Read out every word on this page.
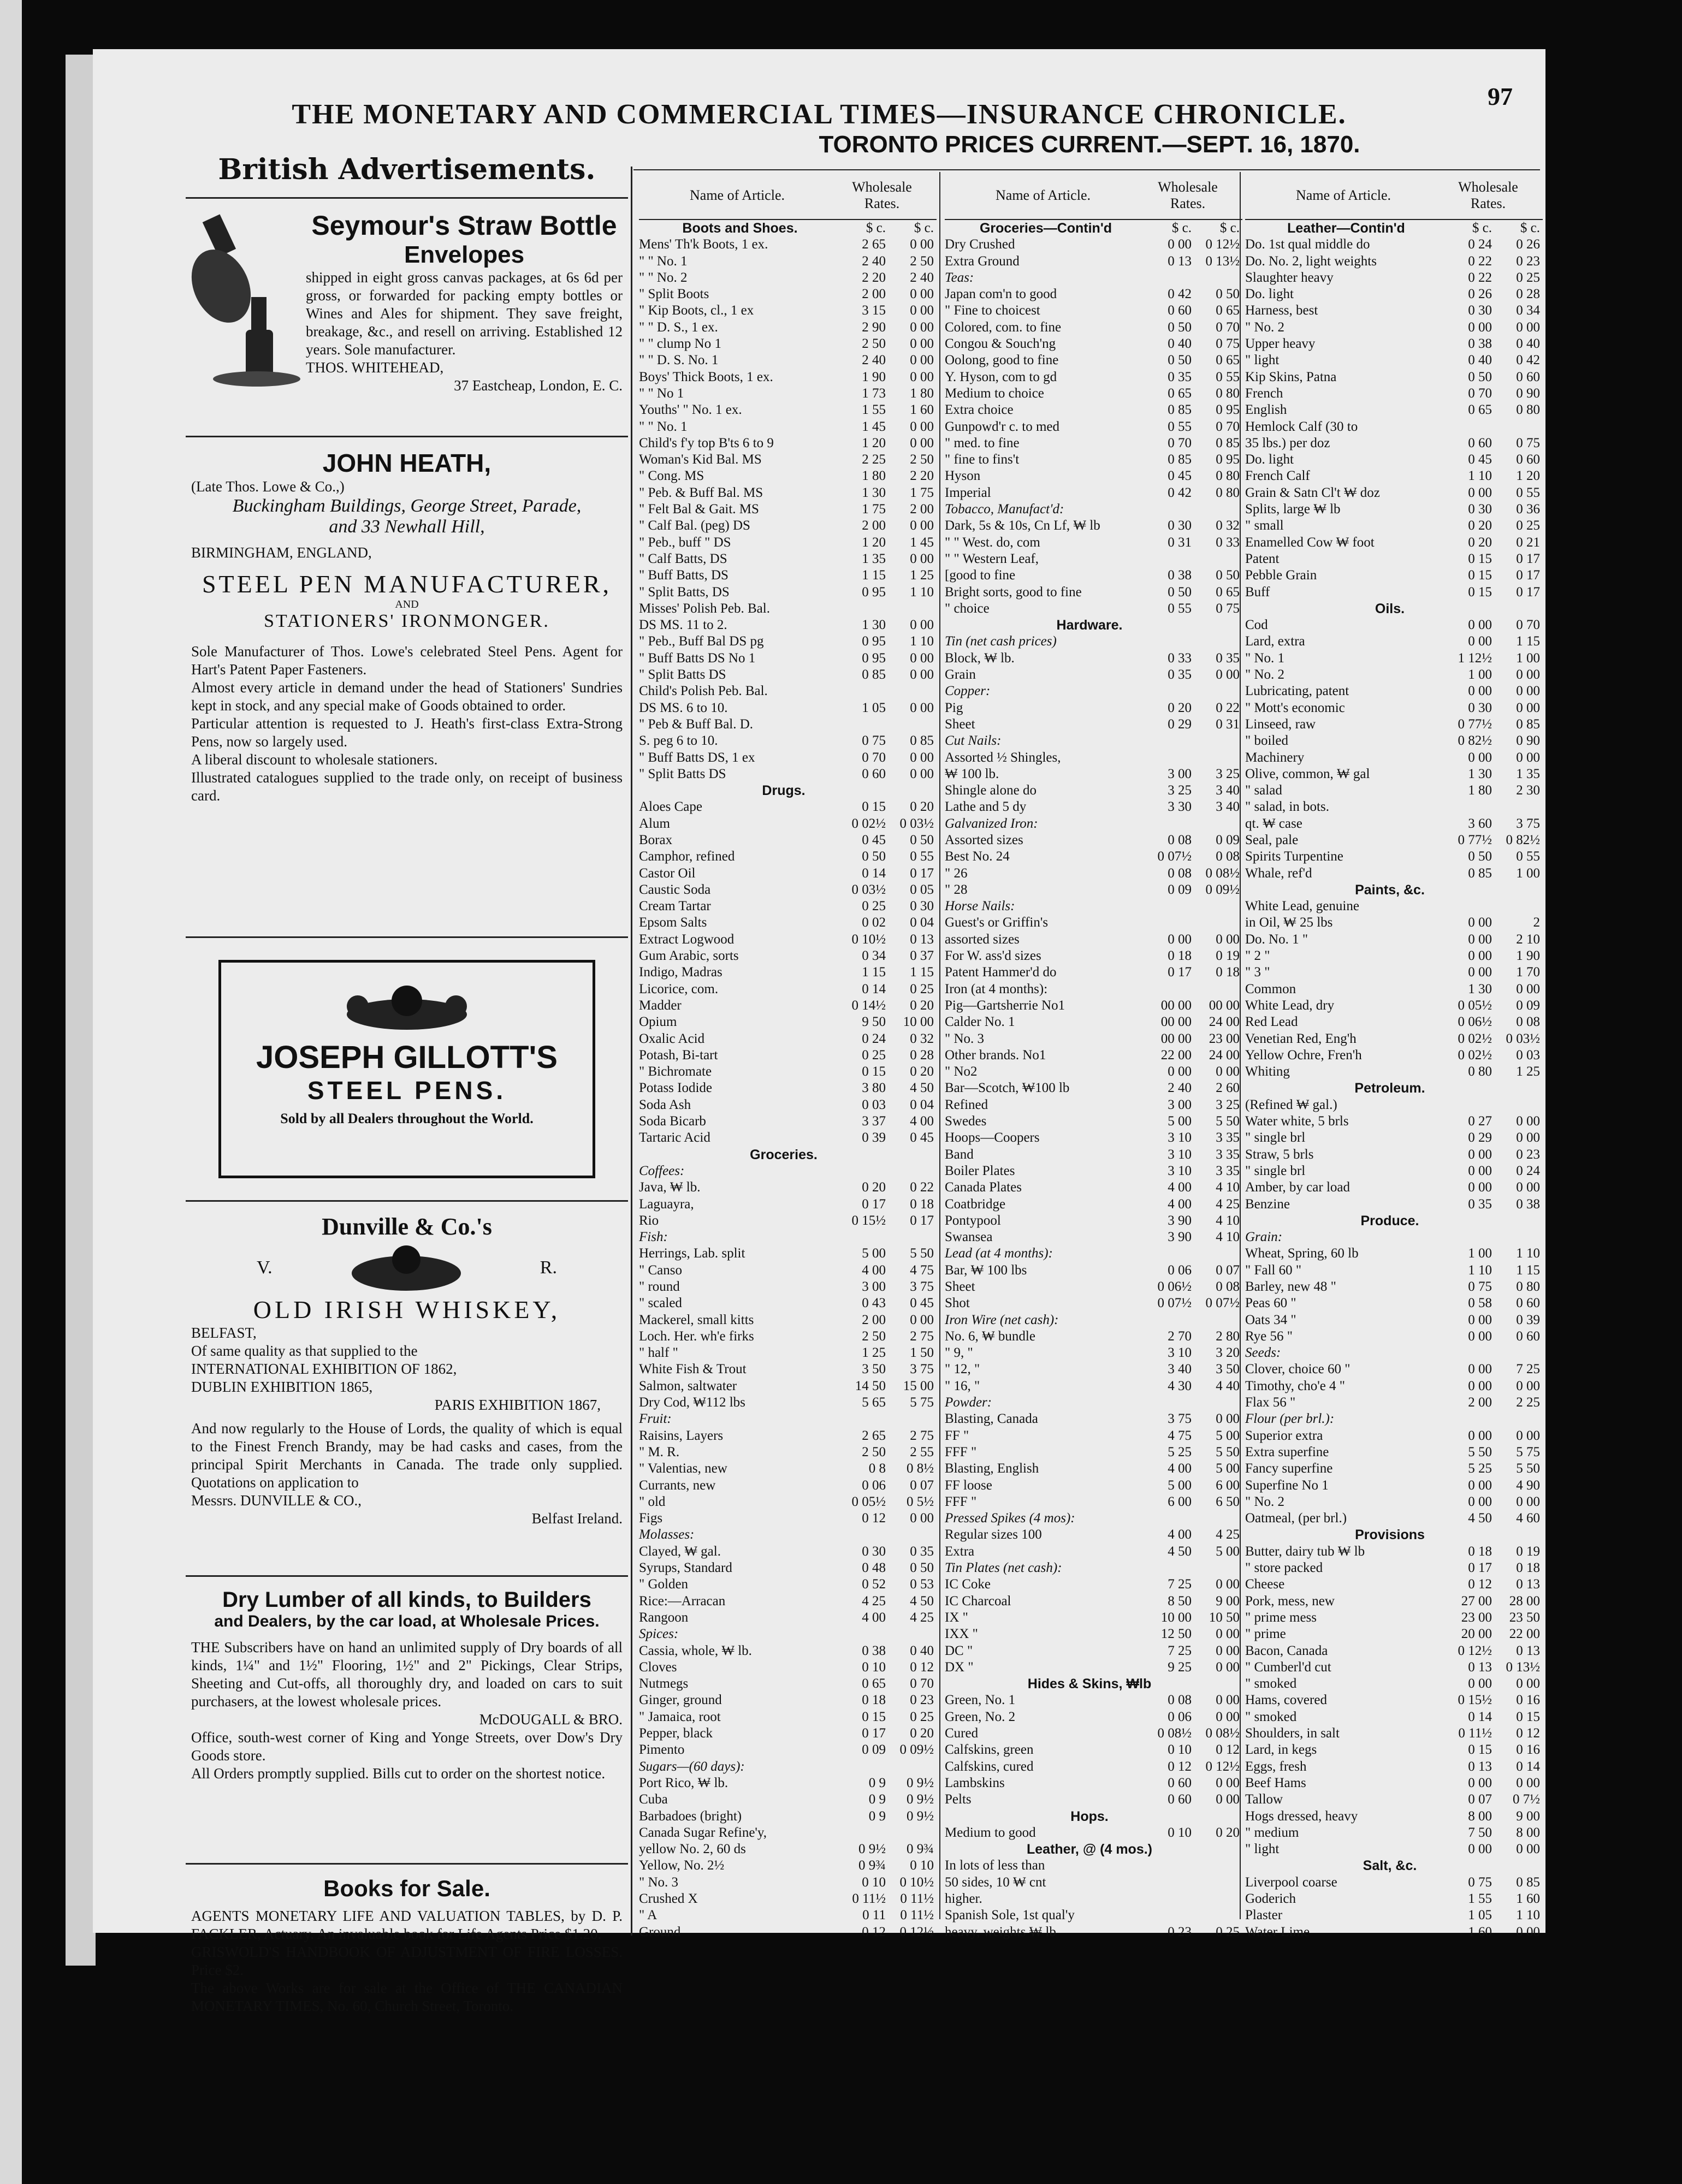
THE MONETARY AND COMMERCIAL TIMES—INSURANCE CHRONICLE.
97
British Advertisements.
Seymour's Straw Bottle
Envelopes
shipped in eight gross canvas packages, at 6s 6d per gross, or forwarded for packing empty bottles or Wines and Ales for shipment. They save freight, breakage, &c., and resell on arriving. Established 12 years. Sole manufacturer.
THOS. WHITEHEAD,
37 Eastcheap, London, E. C.
JOHN HEATH,
(Late Thos. Lowe & Co.,)
Buckingham Buildings, George Street, Parade,
and 33 Newhall Hill,
BIRMINGHAM, ENGLAND,
STEEL PEN MANUFACTURER,
AND
STATIONERS' IRONMONGER.
Sole Manufacturer of Thos. Lowe's celebrated Steel Pens. Agent for Hart's Patent Paper Fasteners.
Almost every article in demand under the head of Stationers' Sundries kept in stock, and any special make of Goods obtained to order.
Particular attention is requested to J. Heath's first-class Extra-Strong Pens, now so largely used.
A liberal discount to wholesale stationers.
Illustrated catalogues supplied to the trade only, on receipt of business card.
JOSEPH GILLOTT'S
STEEL PENS.
Sold by all Dealers throughout the World.
Dunville & Co.'s
V.	R.
OLD IRISH WHISKEY,
BELFAST,
Of same quality as that supplied to the
INTERNATIONAL EXHIBITION OF 1862,
DUBLIN EXHIBITION 1865,
PARIS EXHIBITION 1867,
And now regularly to the House of Lords, the quality of which is equal to the Finest French Brandy, may be had casks and cases, from the principal Spirit Merchants in Canada. The trade only supplied. Quotations on application to
Messrs. DUNVILLE & CO.,
Belfast Ireland.
Dry Lumber of all kinds, to Builders
and Dealers, by the car load, at Wholesale Prices.
THE Subscribers have on hand an unlimited supply of Dry boards of all kinds, 1¼" and 1½" Flooring, 1½" and 2" Pickings, Clear Strips, Sheeting and Cut-offs, all thoroughly dry, and loaded on cars to suit purchasers, at the lowest wholesale prices.
McDOUGALL & BRO.
Office, south-west corner of King and Yonge Streets, over Dow's Dry Goods store.
All Orders promptly supplied. Bills cut to order on the shortest notice.
Books for Sale.
AGENTS MONETARY LIFE AND VALUATION TABLES, by D. P. FACKLER, Actuary. An invaluable book for Life Agents Price $1.20.
GRISWOLD'S HANDBOOK OF ADJUSTMENT OF FIRE LOSSES. Price $2.
The above Works are for sale at the Office of THE CANADIAN MONETARY TIMES, No. 60, Church Street, Toronto.
TORONTO PRICES CURRENT.—SEPT. 16, 1870.
Name of Article.
Wholesale Rates.
Boots and Shoes.	$ c.	$ c.
Mens' Th'k Boots, 1 ex.	2 65	0 00
" " No. 1	2 40	2 50
" " No. 2	2 20	2 40
" Split Boots	2 00	0 00
" Kip Boots, cl., 1 ex	3 15	0 00
" " D. S., 1 ex.	2 90	0 00
" " clump No 1	2 50	0 00
" " D. S. No. 1	2 40	0 00
Boys' Thick Boots, 1 ex.	1 90	0 00
" " No 1	1 73	1 80
Youths' " No. 1 ex.	1 55	1 60
" " No. 1	1 45	0 00
Child's f'y top B'ts 6 to 9	1 20	0 00
Woman's Kid Bal. MS	2 25	2 50
" Cong. MS	1 80	2 20
" Peb. & Buff Bal. MS	1 30	1 75
" Felt Bal & Gait. MS	1 75	2 00
" Calf Bal. (peg) DS	2 00	0 00
" Peb., buff " DS	1 20	1 45
" Calf Batts, DS	1 35	0 00
" Buff Batts, DS	1 15	1 25
" Split Batts, DS	0 95	1 10
Misses' Polish Peb. Bal.
DS MS. 11 to 2.	1 30	0 00
" Peb., Buff Bal DS pg	0 95	1 10
" Buff Batts DS No 1	0 95	0 00
" Split Batts DS	0 85	0 00
Child's Polish Peb. Bal.
DS MS. 6 to 10.	1 05	0 00
" Peb & Buff Bal. D.
S. peg 6 to 10.	0 75	0 85
" Buff Batts DS, 1 ex	0 70	0 00
" Split Batts DS	0 60	0 00
Drugs.
Aloes Cape	0 15	0 20
Alum	0 02½	0 03½
Borax	0 45	0 50
Camphor, refined	0 50	0 55
Castor Oil	0 14	0 17
Caustic Soda	0 03½	0 05
Cream Tartar	0 25	0 30
Epsom Salts	0 02	0 04
Extract Logwood	0 10½	0 13
Gum Arabic, sorts	0 34	0 37
Indigo, Madras	1 15	1 15
Licorice, com.	0 14	0 25
Madder	0 14½	0 20
Opium	9 50	10 00
Oxalic Acid	0 24	0 32
Potash, Bi-tart	0 25	0 28
" Bichromate	0 15	0 20
Potass Iodide	3 80	4 50
Soda Ash	0 03	0 04
Soda Bicarb	3 37	4 00
Tartaric Acid	0 39	0 45
Groceries.
Coffees:
Java, ₩ lb.	0 20	0 22
Laguayra,	0 17	0 18
Rio	0 15½	0 17
Fish:
Herrings, Lab. split	5 00	5 50
" Canso	4 00	4 75
" round	3 00	3 75
" scaled	0 43	0 45
Mackerel, small kitts	2 00	0 00
Loch. Her. wh'e firks	2 50	2 75
" half "	1 25	1 50
White Fish & Trout	3 50	3 75
Salmon, saltwater	14 50	15 00
Dry Cod, ₩112 lbs	5 65	5 75
Fruit:
Raisins, Layers	2 65	2 75
" M. R.	2 50	2 55
" Valentias, new	0 8	0 8½
Currants, new	0 06	0 07
" old	0 05½	0 5½
Figs	0 12	0 00
Molasses:
Clayed, ₩ gal.	0 30	0 35
Syrups, Standard	0 48	0 50
" Golden	0 52	0 53
Rice:—Arracan	4 25	4 50
Rangoon	4 00	4 25
Spices:
Cassia, whole, ₩ lb.	0 38	0 40
Cloves	0 10	0 12
Nutmegs	0 65	0 70
Ginger, ground	0 18	0 23
" Jamaica, root	0 15	0 25
Pepper, black	0 17	0 20
Pimento	0 09	0 09½
Sugars—(60 days):
Port Rico, ₩ lb.	0 9	0 9½
Cuba	0 9	0 9½
Barbadoes (bright)	0 9	0 9½
Canada Sugar Refine'y,
yellow No. 2, 60 ds	0 9½	0 9¾
Yellow, No. 2½	0 9¾	0 10
" No. 3	0 10	0 10½
Crushed X	0 11½	0 11½
" A	0 11	0 11½
Ground	0 12	0 12½
Name of Article.
Wholesale Rates.
Groceries—Contin'd	$ c.	$ c.
Dry Crushed	0 00	0 12½
Extra Ground	0 13	0 13½
Teas:
Japan com'n to good	0 42	0 50
" Fine to choicest	0 60	0 65
Colored, com. to fine	0 50	0 70
Congou & Souch'ng	0 40	0 75
Oolong, good to fine	0 50	0 65
Y. Hyson, com to gd	0 35	0 55
Medium to choice	0 65	0 80
Extra choice	0 85	0 95
Gunpowd'r c. to med	0 55	0 70
" med. to fine	0 70	0 85
" fine to fins't	0 85	0 95
Hyson	0 45	0 80
Imperial	0 42	0 80
Tobacco, Manufact'd:
Dark, 5s & 10s, Cn Lf, ₩ lb	0 30	0 32
" " West. do, com	0 31	0 33
" " Western Leaf,
[good to fine	0 38	0 50
Bright sorts, good to fine	0 50	0 65
" choice	0 55	0 75
Hardware.
Tin (net cash prices)
Block, ₩ lb.	0 33	0 35
Grain	0 35	0 00
Copper:
Pig	0 20	0 22
Sheet	0 29	0 31
Cut Nails:
Assorted ½ Shingles,
₩ 100 lb.	3 00	3 25
Shingle alone do	3 25	3 40
Lathe and 5 dy	3 30	3 40
Galvanized Iron:
Assorted sizes	0 08	0 09
Best No. 24	0 07½	0 08
" 26	0 08	0 08½
" 28	0 09	0 09½
Horse Nails:
Guest's or Griffin's
assorted sizes	0 00	0 00
For W. ass'd sizes	0 18	0 19
Patent Hammer'd do	0 17	0 18
Iron (at 4 months):
Pig—Gartsherrie No1	00 00	00 00
Calder No. 1	00 00	24 00
" No. 3	00 00	23 00
Other brands. No1	22 00	24 00
" No2	0 00	0 00
Bar—Scotch, ₩100 lb	2 40	2 60
Refined	3 00	3 25
Swedes	5 00	5 50
Hoops—Coopers	3 10	3 35
Band	3 10	3 35
Boiler Plates	3 10	3 35
Canada Plates	4 00	4 10
Coatbridge	4 00	4 25
Pontypool	3 90	4 10
Swansea	3 90	4 10
Lead (at 4 months):
Bar, ₩ 100 lbs	0 06	0 07
Sheet	0 06½	0 08
Shot	0 07½	0 07½
Iron Wire (net cash):
No. 6, ₩ bundle	2 70	2 80
" 9, "	3 10	3 20
" 12, "	3 40	3 50
" 16, "	4 30	4 40
Powder:
Blasting, Canada	3 75	0 00
FF "	4 75	5 00
FFF "	5 25	5 50
Blasting, English	4 00	5 00
FF loose	5 00	6 00
FFF "	6 00	6 50
Pressed Spikes (4 mos):
Regular sizes 100	4 00	4 25
Extra	4 50	5 00
Tin Plates (net cash):
IC Coke	7 25	0 00
IC Charcoal	8 50	9 00
IX "	10 00	10 50
IXX "	12 50	0 00
DC "	7 25	0 00
DX "	9 25	0 00
Hides & Skins, ₩lb
Green, No. 1	0 08	0 00
Green, No. 2	0 06	0 00
Cured	0 08½	0 08½
Calfskins, green	0 10	0 12
Calfskins, cured	0 12	0 12½
Lambskins	0 60	0 00
Pelts	0 60	0 00
Hops.
Medium to good	0 10	0 20
Leather, @ (4 mos.)
In lots of less than
50 sides, 10 ₩ cnt
higher.
Spanish Sole, 1st qual'y
heavy, weights ₩ lb	0 23	0 25
Name of Article.
Wholesale Rates.
Leather—Contin'd	$ c.	$ c.
Do. 1st qual middle do	0 24	0 26
Do. No. 2, light weights	0 22	0 23
Slaughter heavy	0 22	0 25
Do. light	0 26	0 28
Harness, best	0 30	0 34
" No. 2	0 00	0 00
Upper heavy	0 38	0 40
" light	0 40	0 42
Kip Skins, Patna	0 50	0 60
French	0 70	0 90
English	0 65	0 80
Hemlock Calf (30 to
35 lbs.) per doz	0 60	0 75
Do. light	0 45	0 60
French Calf	1 10	1 20
Grain & Satn Cl't ₩ doz	0 00	0 55
Splits, large ₩ lb	0 30	0 36
" small	0 20	0 25
Enamelled Cow ₩ foot	0 20	0 21
Patent	0 15	0 17
Pebble Grain	0 15	0 17
Buff	0 15	0 17
Oils.
Cod	0 00	0 70
Lard, extra	0 00	1 15
" No. 1	1 12½	1 00
" No. 2	1 00	0 00
Lubricating, patent	0 00	0 00
" Mott's economic	0 30	0 00
Linseed, raw	0 77½	0 85
" boiled	0 82½	0 90
Machinery	0 00	0 00
Olive, common, ₩ gal	1 30	1 35
" salad	1 80	2 30
" salad, in bots.
qt. ₩ case	3 60	3 75
Seal, pale	0 77½	0 82½
Spirits Turpentine	0 50	0 55
Whale, ref'd	0 85	1 00
Paints, &c.
White Lead, genuine
in Oil, ₩ 25 lbs	0 00	2
Do. No. 1 "	0 00	2 10
" 2 "	0 00	1 90
" 3 "	0 00	1 70
Common	1 30	0 00
White Lead, dry	0 05½	0 09
Red Lead	0 06½	0 08
Venetian Red, Eng'h	0 02½	0 03½
Yellow Ochre, Fren'h	0 02½	0 03
Whiting	0 80	1 25
Petroleum.
(Refined ₩ gal.)
Water white, 5 brls	0 27	0 00
" single brl	0 29	0 00
Straw, 5 brls	0 00	0 23
" single brl	0 00	0 24
Amber, by car load	0 00	0 00
Benzine	0 35	0 38
Produce.
Grain:
Wheat, Spring, 60 lb	1 00	1 10
" Fall 60 "	1 10	1 15
Barley, new 48 "	0 75	0 80
Peas 60 "	0 58	0 60
Oats 34 "	0 00	0 39
Rye 56 "	0 00	0 60
Seeds:
Clover, choice 60 "	0 00	7 25
Timothy, cho'e 4 "	0 00	0 00
Flax 56 "	2 00	2 25
Flour (per brl.):
Superior extra	0 00	0 00
Extra superfine	5 50	5 75
Fancy superfine	5 25	5 50
Superfine No 1	0 00	4 90
" No. 2	0 00	0 00
Oatmeal, (per brl.)	4 50	4 60
Provisions
Butter, dairy tub ₩ lb	0 18	0 19
" store packed	0 17	0 18
Cheese	0 12	0 13
Pork, mess, new	27 00	28 00
" prime mess	23 00	23 50
" prime	20 00	22 00
Bacon, Canada	0 12½	0 13
" Cumberl'd cut	0 13	0 13½
" smoked	0 00	0 00
Hams, covered	0 15½	0 16
" smoked	0 14	0 15
Shoulders, in salt	0 11½	0 12
Lard, in kegs	0 15	0 16
Eggs, fresh	0 13	0 14
Beef Hams	0 00	0 00
Tallow	0 07	0 7½
Hogs dressed, heavy	8 00	9 00
" medium	7 50	8 00
" light	0 00	0 00
Salt, &c.
Liverpool coarse	0 75	0 85
Goderich	1 55	1 60
Plaster	1 05	1 10
Water Lime	1 60	0 00
